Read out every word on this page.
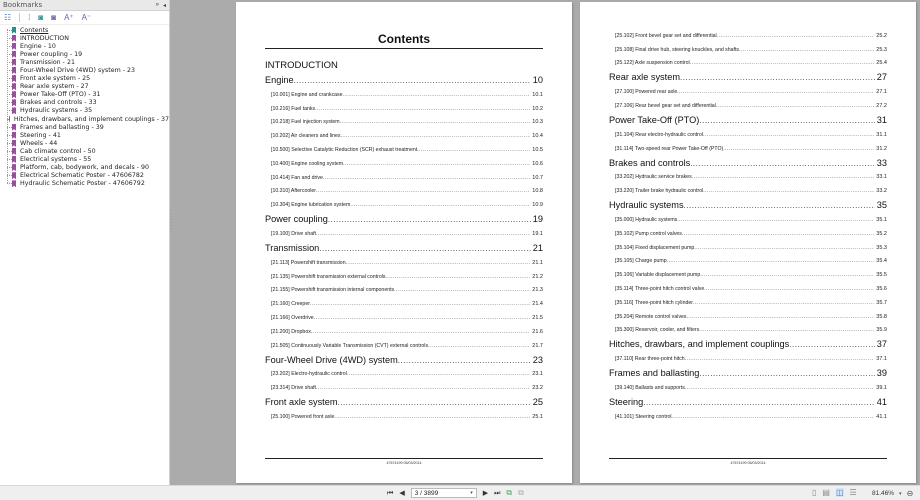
Bookmarks	» ◂
☷ ⁞ ◙ ◙ A⁺ A⁻
Contents
INTRODUCTION
Engine - 10
Power coupling - 19
Transmission - 21
Four-Wheel Drive (4WD) system - 23
Front axle system - 25
Rear axle system - 27
Power Take-Off (PTO) - 31
Brakes and controls - 33
Hydraulic systems - 35
Hitches, drawbars, and implement couplings - 37
Frames and ballasting - 39
Steering - 41
Wheels - 44
Cab climate control - 50
Electrical systems - 55
Platform, cab, bodywork, and decals - 90
Electrical Schematic Poster - 47606782
Hydraulic Schematic Poster - 47606792
Contents
INTRODUCTION
Engine .....	10
[10.001] Engine and crankcase .....	10.1
[10.216] Fuel tanks .....	10.2
[10.218] Fuel injection system .....	10.3
[10.202] Air cleaners and lines .....	10.4
[10.500] Selective Catalytic Reduction (SCR) exhaust treatment .....	10.5
[10.400] Engine cooling system .....	10.6
[10.414] Fan and drive .....	10.7
[10.310] Aftercooler .....	10.8
[10.304] Engine lubrication system .....	10.9
Power coupling .....	19
[19.100] Drive shaft .....	19.1
Transmission .....	21
[21.113] Powershift transmission .....	21.1
[21.135] Powershift transmission external controls .....	21.2
[21.155] Powershift transmission internal components .....	21.3
[21.160] Creeper .....	21.4
[21.166] Overdrive .....	21.5
[21.200] Dropbox .....	21.6
[21.505] Continuously Variable Transmission (CVT) external controls .....	21.7
Four-Wheel Drive (4WD) system .....	23
[23.202] Electro-hydraulic control .....	23.1
[23.314] Drive shaft .....	23.2
Front axle system .....	25
[25.100] Powered front axle .....	25.1
47674199 05/03/2014
[25.102] Front bevel gear set and differential .....	25.2
[25.108] Final drive hub, steering knuckles, and shafts .....	25.3
[25.122] Axle suspension control .....	25.4
Rear axle system .....	27
[27.100] Powered rear axle .....	27.1
[27.106] Rear bevel gear set and differential .....	27.2
Power Take-Off (PTO) .....	31
[31.104] Rear electro-hydraulic control .....	31.1
[31.114] Two-speed rear Power Take-Off (PTO) .....	31.2
Brakes and controls .....	33
[33.202] Hydraulic service brakes .....	33.1
[33.220] Trailer brake hydraulic control .....	33.2
Hydraulic systems .....	35
[35.000] Hydraulic systems .....	35.1
[35.102] Pump control valves .....	35.2
[35.104] Fixed displacement pump .....	35.3
[35.105] Charge pump .....	35.4
[35.106] Variable displacement pump .....	35.5
[35.114] Three-point hitch control valve .....	35.6
[35.116] Three-point hitch cylinder .....	35.7
[35.204] Remote control valves .....	35.8
[35.300] Reservoir, cooler, and filters .....	35.9
Hitches, drawbars, and implement couplings .....	37
[37.110] Rear three-point hitch .....	37.1
Frames and ballasting .....	39
[39.140] Ballasts and supports .....	39.1
Steering .....	41
[41.101] Steering control .....	41.1
47674199 05/03/2014
⏮ ◀ 3 / 3899	▾ ▶ ⏭ ⧉ ⧉	▯ ▤ ◫ ☰ 81.46% ▾ ⊖
